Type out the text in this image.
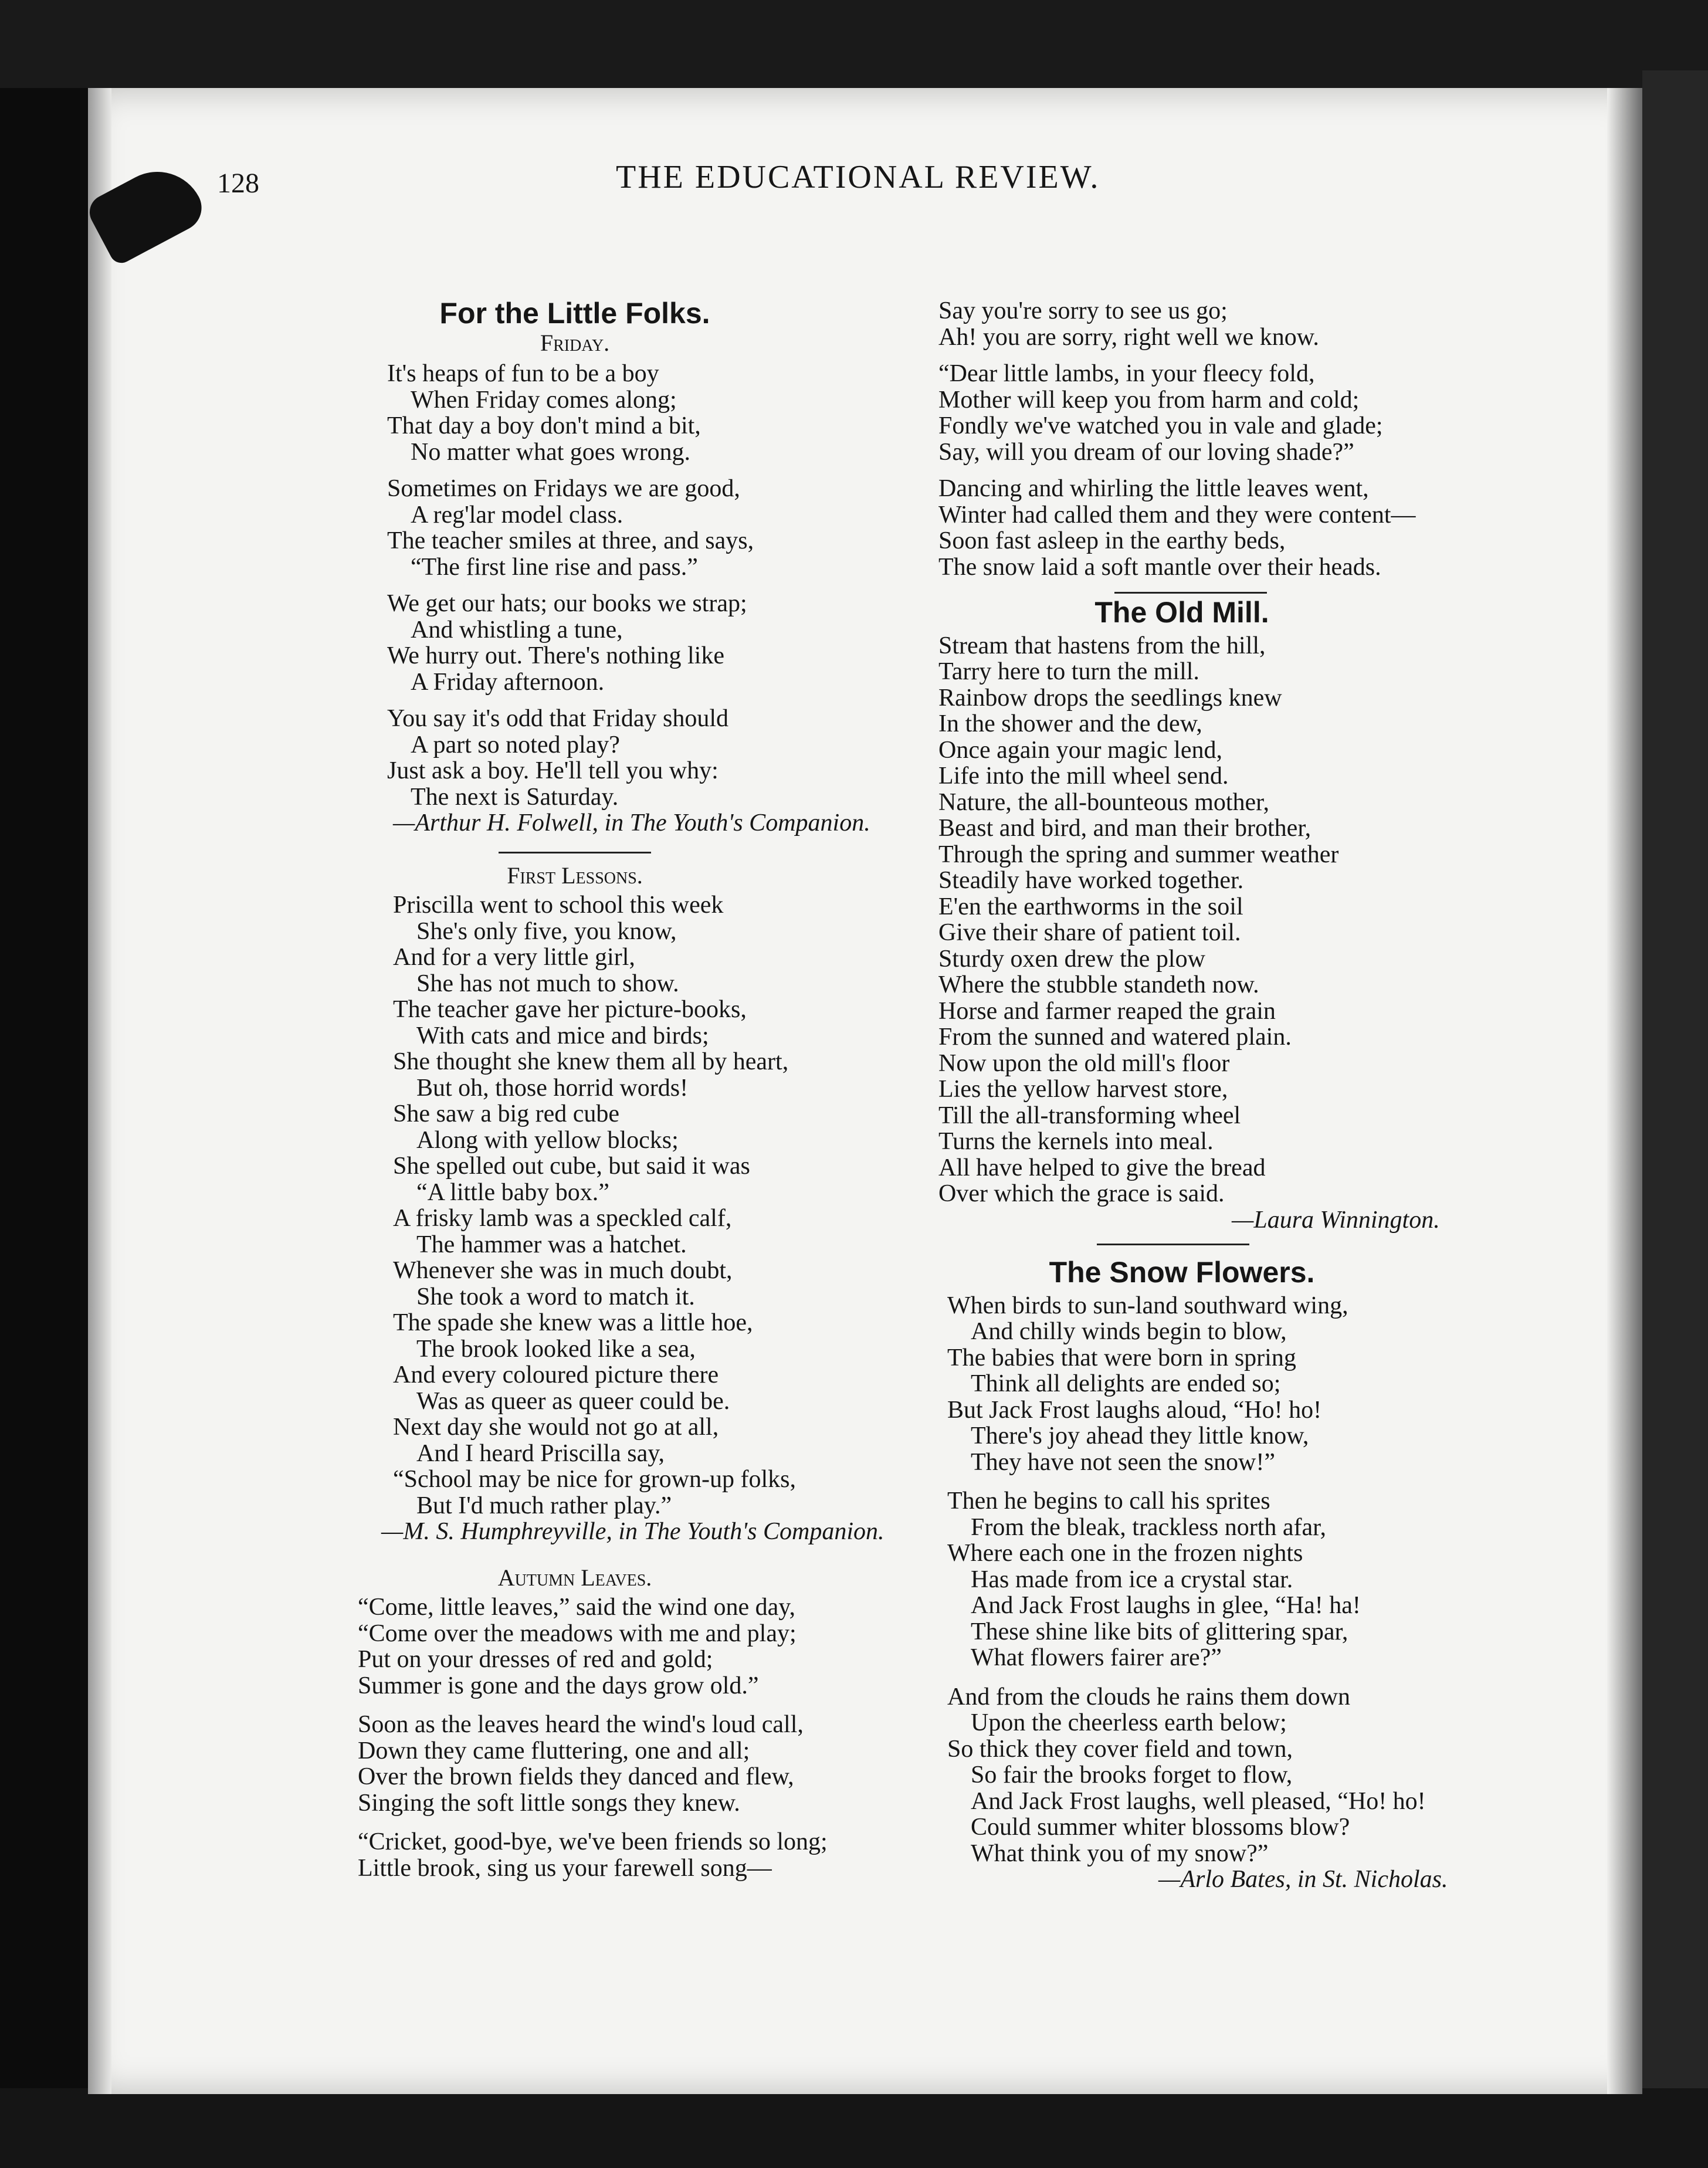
128	THE EDUCATIONAL REVIEW.
For the Little Folks.

Friday.

It's heaps of fun to be a boy
When Friday comes along;
That day a boy don't mind a bit,
No matter what goes wrong.
Sometimes on Fridays we are good,
A reg'lar model class.
The teacher smiles at three, and says,
“The first line rise and pass.”
We get our hats; our books we strap;
And whistling a tune,
We hurry out. There's nothing like
A Friday afternoon.
You say it's odd that Friday should
A part so noted play?
Just ask a boy. He'll tell you why:
The next is Saturday.
—Arthur H. Folwell, in The Youth's Companion.

First Lessons.

Priscilla went to school this week
She's only five, you know,
And for a very little girl,
She has not much to show.
The teacher gave her picture-books,
With cats and mice and birds;
She thought she knew them all by heart,
But oh, those horrid words!
She saw a big red cube
Along with yellow blocks;
She spelled out cube, but said it was
“A little baby box.”
A frisky lamb was a speckled calf,
The hammer was a hatchet.
Whenever she was in much doubt,
She took a word to match it.
The spade she knew was a little hoe,
The brook looked like a sea,
And every coloured picture there
Was as queer as queer could be.
Next day she would not go at all,
And I heard Priscilla say,
“School may be nice for grown-up folks,
But I'd much rather play.”
—M. S. Humphreyville, in The Youth's Companion.

Autumn Leaves.

“Come, little leaves,” said the wind one day,
“Come over the meadows with me and play;
Put on your dresses of red and gold;
Summer is gone and the days grow old.”
Soon as the leaves heard the wind's loud call,
Down they came fluttering, one and all;
Over the brown fields they danced and flew,
Singing the soft little songs they knew.
“Cricket, good-bye, we've been friends so long;
Little brook, sing us your farewell song—
Say you're sorry to see us go;
Ah! you are sorry, right well we know.
“Dear little lambs, in your fleecy fold,
Mother will keep you from harm and cold;
Fondly we've watched you in vale and glade;
Say, will you dream of our loving shade?”
Dancing and whirling the little leaves went,
Winter had called them and they were content—
Soon fast asleep in the earthy beds,
The snow laid a soft mantle over their heads.
The Old Mill.
Stream that hastens from the hill,
Tarry here to turn the mill.
Rainbow drops the seedlings knew
In the shower and the dew,
Once again your magic lend,
Life into the mill wheel send.
Nature, the all-bounteous mother,
Beast and bird, and man their brother,
Through the spring and summer weather
Steadily have worked together.
E'en the earthworms in the soil
Give their share of patient toil.
Sturdy oxen drew the plow
Where the stubble standeth now.
Horse and farmer reaped the grain
From the sunned and watered plain.
Now upon the old mill's floor
Lies the yellow harvest store,
Till the all-transforming wheel
Turns the kernels into meal.
All have helped to give the bread
Over which the grace is said.
—Laura Winnington.
The Snow Flowers.
When birds to sun-land southward wing,
And chilly winds begin to blow,
The babies that were born in spring
Think all delights are ended so;
But Jack Frost laughs aloud, “Ho! ho!
There's joy ahead they little know,
They have not seen the snow!”
Then he begins to call his sprites
From the bleak, trackless north afar,
Where each one in the frozen nights
Has made from ice a crystal star.
And Jack Frost laughs in glee, “Ha! ha!
These shine like bits of glittering spar,
What flowers fairer are?”
And from the clouds he rains them down
Upon the cheerless earth below;
So thick they cover field and town,
So fair the brooks forget to flow,
And Jack Frost laughs, well pleased, “Ho! ho!
Could summer whiter blossoms blow?
What think you of my snow?”
—Arlo Bates, in St. Nicholas.
